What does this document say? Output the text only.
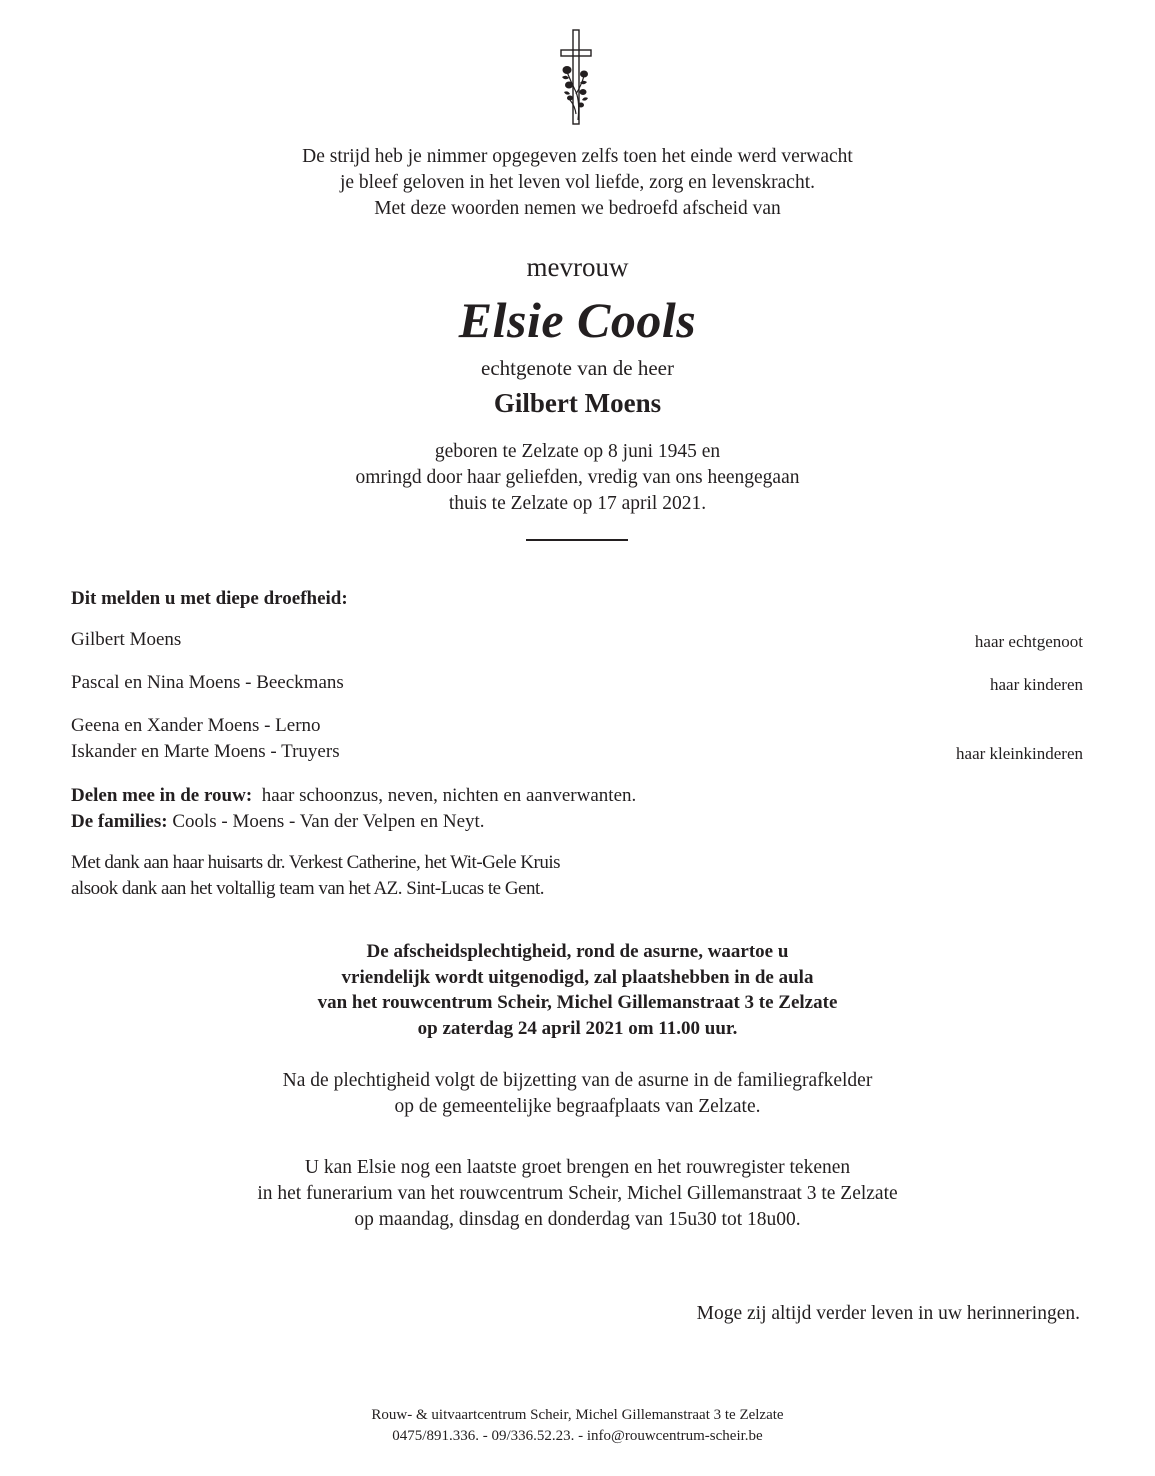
De strijd heb je nimmer opgegeven zelfs toen het einde werd verwacht
je bleef geloven in het leven vol liefde, zorg en levenskracht.
Met deze woorden nemen we bedroefd afscheid van
mevrouw
Elsie Cools
echtgenote van de heer
Gilbert Moens
geboren te Zelzate op 8 juni 1945 en
omringd door haar geliefden, vredig van ons heengegaan
thuis te Zelzate op 17 april 2021.
Dit melden u met diepe droefheid:
Gilbert Moens	haar echtgenoot
Pascal en Nina Moens - Beeckmans	haar kinderen
Geena en Xander Moens - Lerno
Iskander en Marte Moens - Truyers	haar kleinkinderen
Delen mee in de rouw: haar schoonzus, neven, nichten en aanverwanten.
De families: Cools - Moens - Van der Velpen en Neyt.
Met dank aan haar huisarts dr. Verkest Catherine, het Wit-Gele Kruis
alsook dank aan het voltallig team van het AZ. Sint-Lucas te Gent.
De afscheidsplechtigheid, rond de asurne, waartoe u
vriendelijk wordt uitgenodigd, zal plaatshebben in de aula
van het rouwcentrum Scheir, Michel Gillemanstraat 3 te Zelzate
op zaterdag 24 april 2021 om 11.00 uur.
Na de plechtigheid volgt de bijzetting van de asurne in de familiegrafkelder
op de gemeentelijke begraafplaats van Zelzate.
U kan Elsie nog een laatste groet brengen en het rouwregister tekenen
in het funerarium van het rouwcentrum Scheir, Michel Gillemanstraat 3 te Zelzate
op maandag, dinsdag en donderdag van 15u30 tot 18u00.
Moge zij altijd verder leven in uw herinneringen.
Rouw- & uitvaartcentrum Scheir, Michel Gillemanstraat 3 te Zelzate
0475/891.336. - 09/336.52.23. - info@rouwcentrum-scheir.be
